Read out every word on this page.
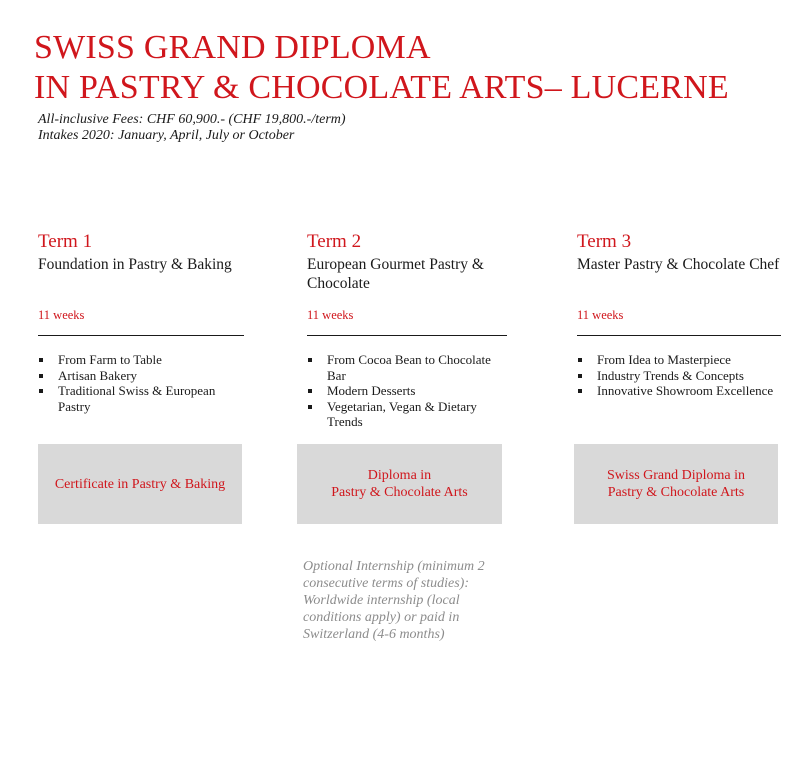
SWISS GRAND DIPLOMA
IN PASTRY & CHOCOLATE ARTS– LUCERNE
All-inclusive Fees: CHF 60,900.- (CHF 19,800.-/term)
Intakes 2020: January, April, July or October
Term 1
Foundation in Pastry & Baking
11 weeks
From Farm to Table
Artisan Bakery
Traditional Swiss & European Pastry
Term 2
European Gourmet Pastry & Chocolate
11 weeks
From Cocoa Bean to Chocolate Bar
Modern Desserts
Vegetarian, Vegan & Dietary Trends
Term 3
Master Pastry & Chocolate Chef
11 weeks
From Idea to Masterpiece
Industry Trends & Concepts
Innovative Showroom Excellence
Certificate in Pastry & Baking
Diploma in
Pastry & Chocolate Arts
Swiss Grand Diploma in
Pastry & Chocolate Arts
Optional Internship (minimum 2
consecutive terms of studies):
Worldwide internship (local
conditions apply) or paid in
Switzerland (4-6 months)
